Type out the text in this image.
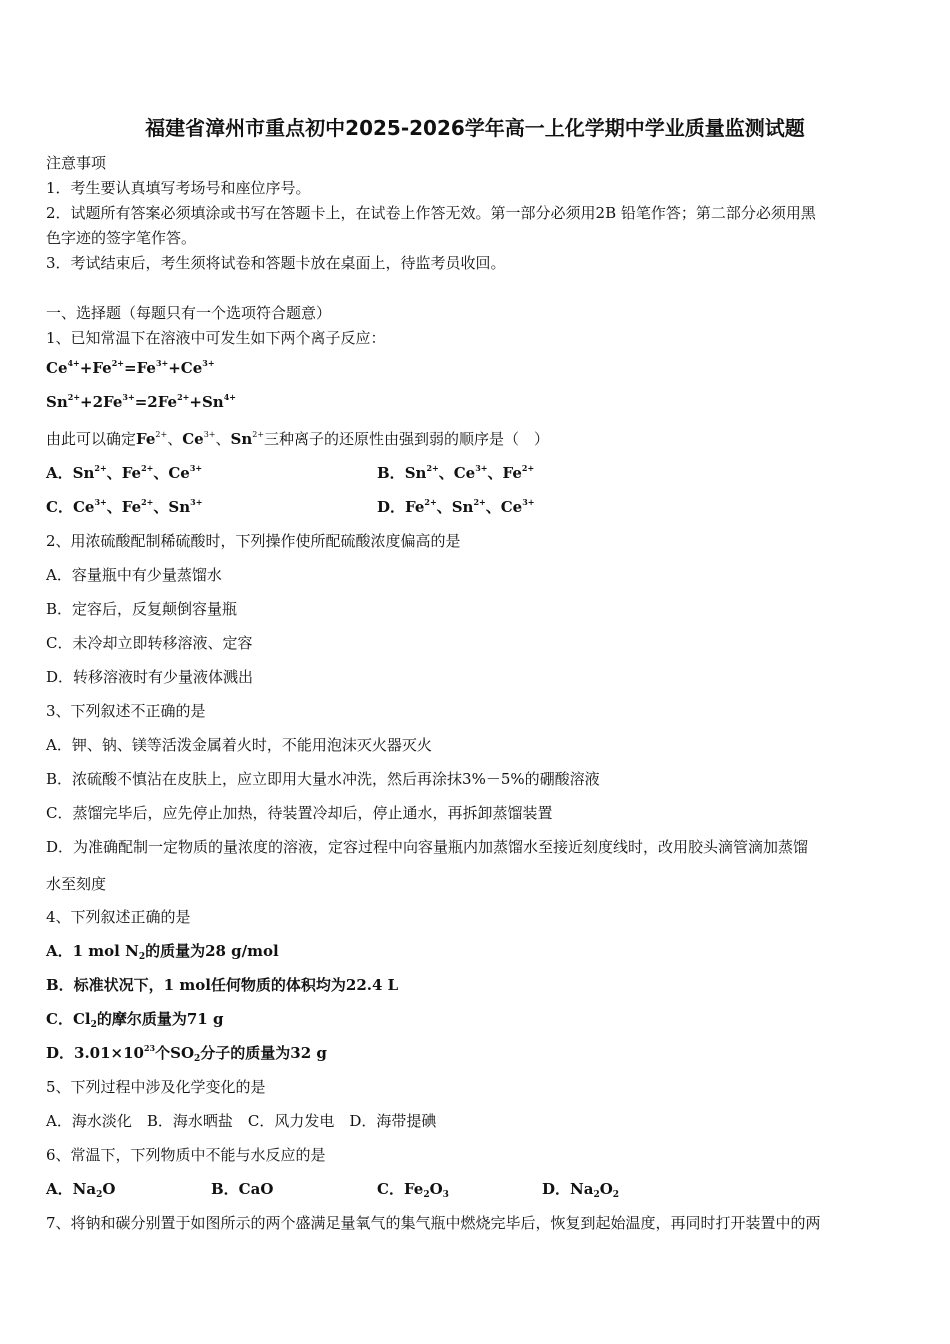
福建省漳州市重点初中2025-2026学年高一上化学期中学业质量监测试题
注意事项
1．考生要认真填写考场号和座位序号。
2．试题所有答案必须填涂或书写在答题卡上，在试卷上作答无效。第一部分必须用2B 铅笔作答；第二部分必须用黑
色字迹的签字笔作答。
3．考试结束后，考生须将试卷和答题卡放在桌面上，待监考员收回。
一、选择题（每题只有一个选项符合题意）
1、已知常温下在溶液中可发生如下两个离子反应：
$Ce^{4+}+Fe^{2+}=Fe^{3+}+Ce^{3+}$
$Sn^{2+}+2Fe^{3+}=2Fe^{2+}+Sn^{4+}$
由此可以确定$Fe^{2+}$、$Ce^{3+}$、$Sn^{2+}$三种离子的还原性由强到弱的顺序是（　）
A．$Sn^{2+}$、$Fe^{2+}$、$Ce^{3+}$	B．$Sn^{2+}$、$Ce^{3+}$、$Fe^{2+}$
C．$Ce^{3+}$、$Fe^{2+}$、$Sn^{3+}$	D．$Fe^{2+}$、$Sn^{2+}$、$Ce^{3+}$
2、用浓硫酸配制稀硫酸时，下列操作使所配硫酸浓度偏高的是
A．容量瓶中有少量蒸馏水
B．定容后，反复颠倒容量瓶
C．未冷却立即转移溶液、定容
D．转移溶液时有少量液体溅出
3、下列叙述不正确的是
A．钾、钠、镁等活泼金属着火时，不能用泡沫灭火器灭火
B．浓硫酸不慎沾在皮肤上，应立即用大量水冲洗，然后再涂抹3%－5%的硼酸溶液
C．蒸馏完毕后，应先停止加热，待装置冷却后，停止通水，再拆卸蒸馏装置
D．为准确配制一定物质的量浓度的溶液，定容过程中向容量瓶内加蒸馏水至接近刻度线时，改用胶头滴管滴加蒸馏
水至刻度
4、下列叙述正确的是
A．1 mol $N_2$的质量为28 g/mol
B．标准状况下，1 mol任何物质的体积均为22.4 L
C．$Cl_2$的摩尔质量为71 g
D．$3.01\times 10^{23}$个$SO_2$分子的质量为32 g
5、下列过程中涉及化学变化的是
A．海水淡化　B．海水晒盐　C．风力发电　D．海带提碘
6、常温下，下列物质中不能与水反应的是
A．$Na_2O$	B．CaO	C．$Fe_2O_3$	D．$Na_2O_2$
7、将钠和碳分别置于如图所示的两个盛满足量氧气的集气瓶中燃烧完毕后，恢复到起始温度，再同时打开装置中的两
